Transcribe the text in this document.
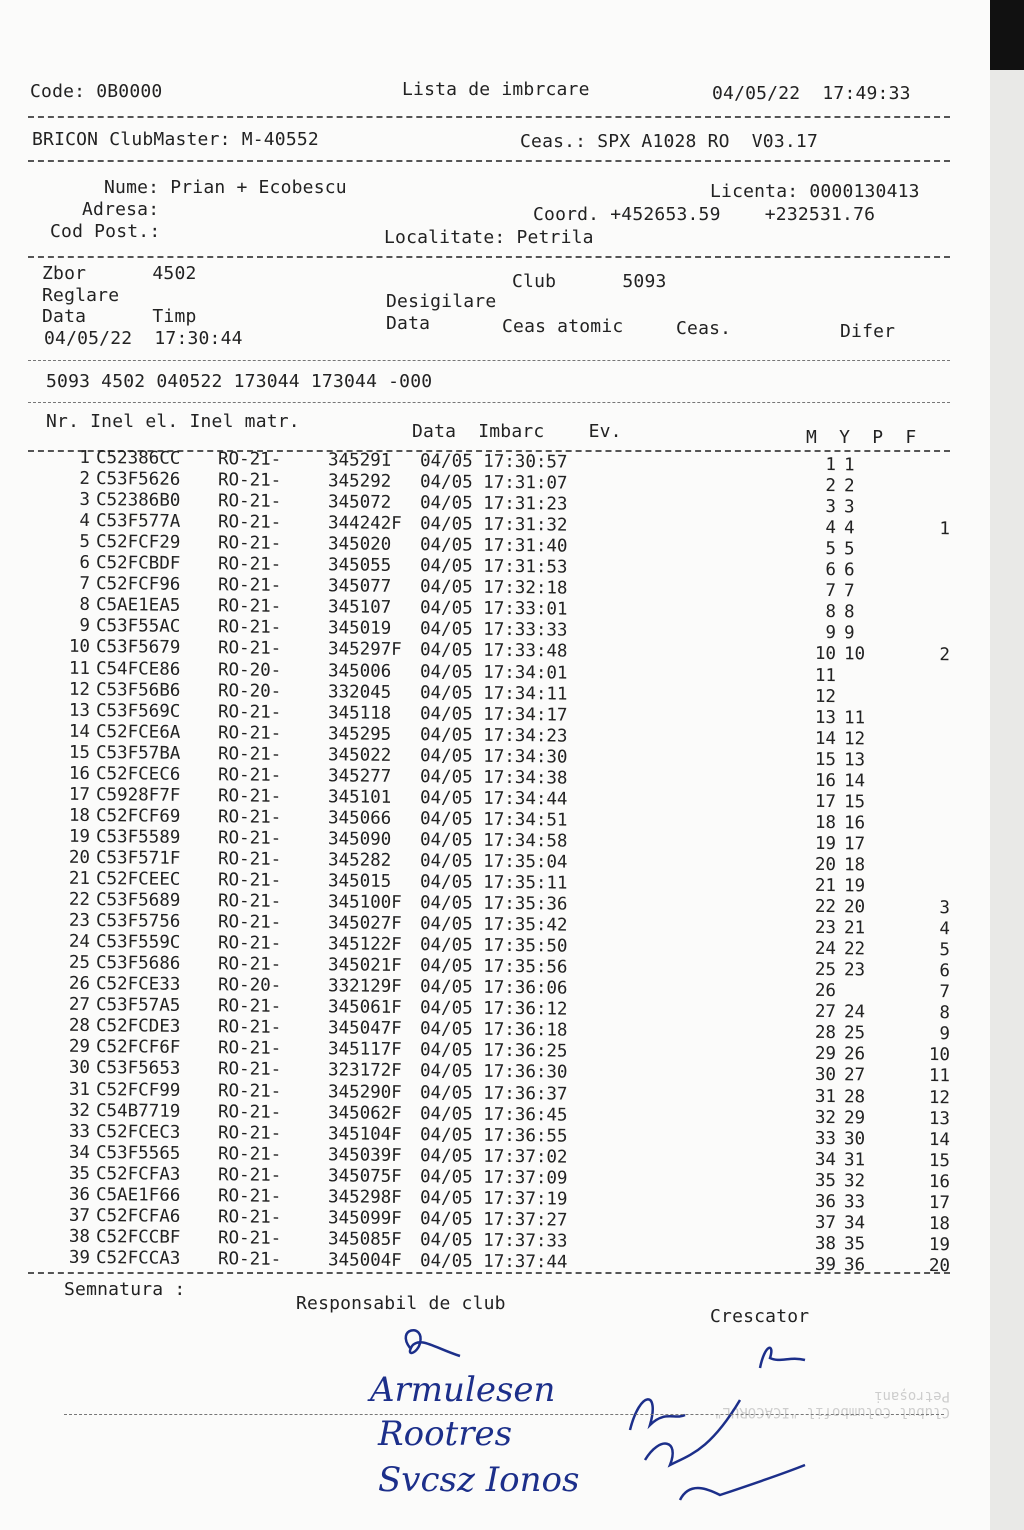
Code: 0B0000	Lista de imbrcare	04/05/22  17:49:33
BRICON ClubMaster: M-40552	Ceas.: SPX A1028 RO  V03.17
Nume: Prian + Ecobescu	Licenta: 0000130413
Adresa:	Coord. +452653.59    +232531.76
Cod Post.:	Localitate: Petrila
Zbor      4502	Club      5093
Reglare	Desigilare
Data      Timp	Data	Ceas atomic	Ceas.	Difer
04/05/22  17:30:44
5093 4502 040522 173044 173044 -000
Nr. Inel el. Inel matr.	Data  Imbarc    Ev.	M  Y  P  F
1 C52386CC RO-21-	345291 04/05 17:30:57	1 1
2 C53F5626 RO-21-	345292 04/05 17:31:07	2 2
3 C52386B0 RO-21-	345072 04/05 17:31:23	3 3
4 C53F577A RO-21-	344242F 04/05 17:31:32	4 4	1
5 C52FCF29 RO-21-	345020 04/05 17:31:40	5 5
6 C52FCBDF RO-21-	345055 04/05 17:31:53	6 6
7 C52FCF96 RO-21-	345077 04/05 17:32:18	7 7
8 C5AE1EA5 RO-21-	345107 04/05 17:33:01	8 8
9 C53F55AC RO-21-	345019 04/05 17:33:33	9 9
10 C53F5679 RO-21-	345297F 04/05 17:33:48	10 10	2
11 C54FCE86 RO-20-	345006 04/05 17:34:01	11
12 C53F56B6 RO-20-	332045 04/05 17:34:11	12
13 C53F569C RO-21-	345118 04/05 17:34:17	13 11
14 C52FCE6A RO-21-	345295 04/05 17:34:23	14 12
15 C53F57BA RO-21-	345022 04/05 17:34:30	15 13
16 C52FCEC6 RO-21-	345277 04/05 17:34:38	16 14
17 C5928F7F RO-21-	345101 04/05 17:34:44	17 15
18 C52FCF69 RO-21-	345066 04/05 17:34:51	18 16
19 C53F5589 RO-21-	345090 04/05 17:34:58	19 17
20 C53F571F RO-21-	345282 04/05 17:35:04	20 18
21 C52FCEEC RO-21-	345015 04/05 17:35:11	21 19
22 C53F5689 RO-21-	345100F 04/05 17:35:36	22 20	3
23 C53F5756 RO-21-	345027F 04/05 17:35:42	23 21	4
24 C53F559C RO-21-	345122F 04/05 17:35:50	24 22	5
25 C53F5686 RO-21-	345021F 04/05 17:35:56	25 23	6
26 C52FCE33 RO-20-	332129F 04/05 17:36:06	26	7
27 C53F57A5 RO-21-	345061F 04/05 17:36:12	27 24	8
28 C52FCDE3 RO-21-	345047F 04/05 17:36:18	28 25	9
29 C52FCF6F RO-21-	345117F 04/05 17:36:25	29 26	10
30 C53F5653 RO-21-	323172F 04/05 17:36:30	30 27	11
31 C52FCF99 RO-21-	345290F 04/05 17:36:37	31 28	12
32 C54B7719 RO-21-	345062F 04/05 17:36:45	32 29	13
33 C52FCEC3 RO-21-	345104F 04/05 17:36:55	33 30	14
34 C53F5565 RO-21-	345039F 04/05 17:37:02	34 31	15
35 C52FCFA3 RO-21-	345075F 04/05 17:37:09	35 32	16
36 C5AE1F66 RO-21-	345298F 04/05 17:37:19	36 33	17
37 C52FCFA6 RO-21-	345099F 04/05 17:37:27	37 34	18
38 C52FCCBF RO-21-	345085F 04/05 17:37:33	38 35	19
39 C52FCCA3 RO-21-	345004F 04/05 17:37:44	39 36	20
Semnatura :
Responsabil de club
Crescator
Clubul Columbofil "ICACORUL" Petroșani
Armulesen
Rootres
Svcsz Ionos
